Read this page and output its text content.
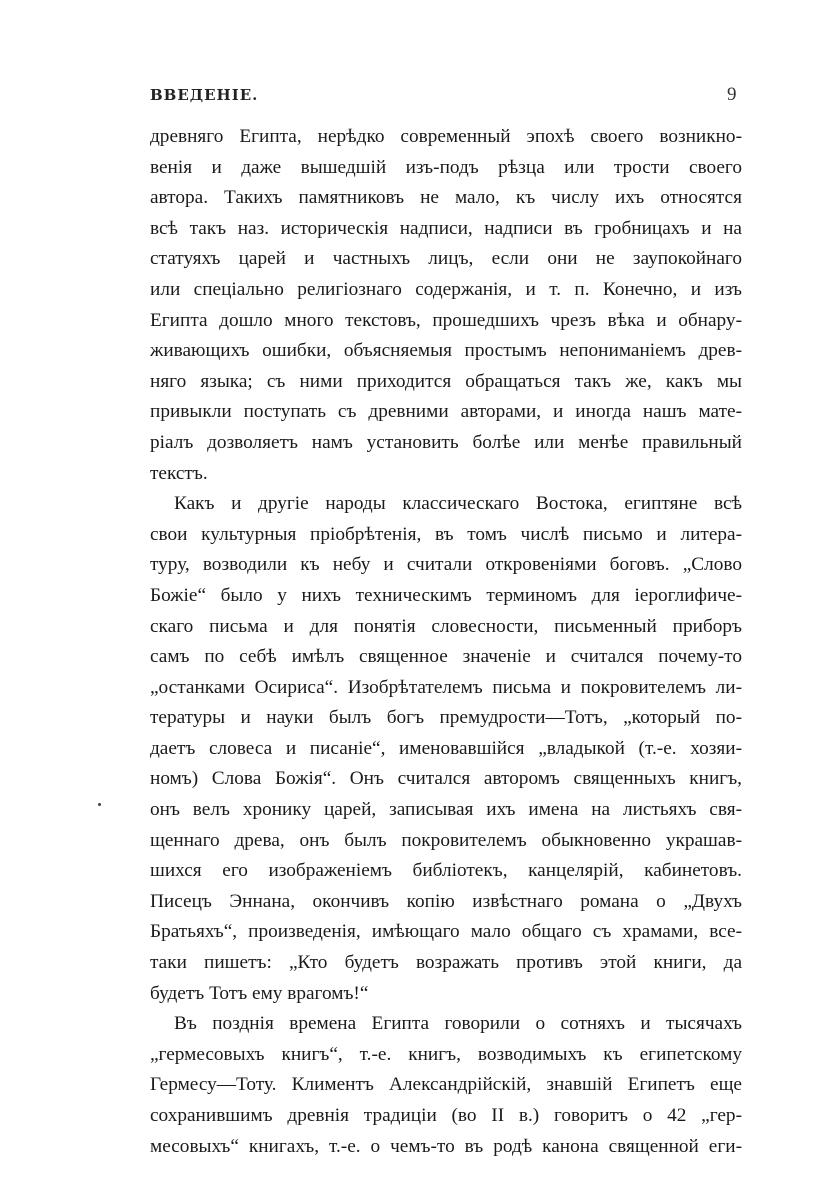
ВВЕДЕНІЕ.	9
древняго Египта, нерѣдко современный эпохѣ своего возникно-
венія и даже вышедшій изъ-подъ рѣзца или трости своего
автора. Такихъ памятниковъ не мало, къ числу ихъ относятся
всѣ такъ наз. историческія надписи, надписи въ гробницахъ и на
статуяхъ царей и частныхъ лицъ, если они не заупокойнаго
или спеціально религіознаго содержанія, и т. п. Конечно, и изъ
Египта дошло много текстовъ, прошедшихъ чрезъ вѣка и обнару-
живающихъ ошибки, объясняемыя простымъ непониманіемъ древ-
няго языка; съ ними приходится обращаться такъ же, какъ мы
привыкли поступать съ древними авторами, и иногда нашъ мате-
ріалъ дозволяетъ намъ установить болѣе или менѣе правильный
текстъ.
Какъ и другіе народы классическаго Востока, египтяне всѣ
свои культурныя пріобрѣтенія, въ томъ числѣ письмо и литера-
туру, возводили къ небу и считали откровеніями боговъ. „Слово
Божіе“ было у нихъ техническимъ терминомъ для іероглифиче-
скаго письма и для понятія словесности, письменный приборъ
самъ по себѣ имѣлъ священное значеніе и считался почему-то
„останками Осириса“. Изобрѣтателемъ письма и покровителемъ ли-
тературы и науки былъ богъ премудрости—Тотъ, „который по-
даетъ словеса и писаніе“, именовавшійся „владыкой (т.-е. хозяи-
номъ) Слова Божія“. Онъ считался авторомъ священныхъ книгъ,
онъ велъ хронику царей, записывая ихъ имена на листьяхъ свя-
щеннаго древа, онъ былъ покровителемъ обыкновенно украшав-
шихся его изображеніемъ библіотекъ, канцелярій, кабинетовъ.
Писецъ Эннана, окончивъ копію извѣстнаго романа о „Двухъ
Братьяхъ“, произведенія, имѣющаго мало общаго съ храмами, все-
таки пишетъ: „Кто будетъ возражать противъ этой книги, да
будетъ Тотъ ему врагомъ!“
Въ позднія времена Египта говорили о сотняхъ и тысячахъ
„гермесовыхъ книгъ“, т.-е. книгъ, возводимыхъ къ египетскому
Гермесу—Тоту. Климентъ Александрійскій, знавшій Египетъ еще
сохранившимъ древнія традиціи (во II в.) говоритъ о 42 „гер-
месовыхъ“ книгахъ, т.-е. о чемъ-то въ родѣ канона священной еги-
